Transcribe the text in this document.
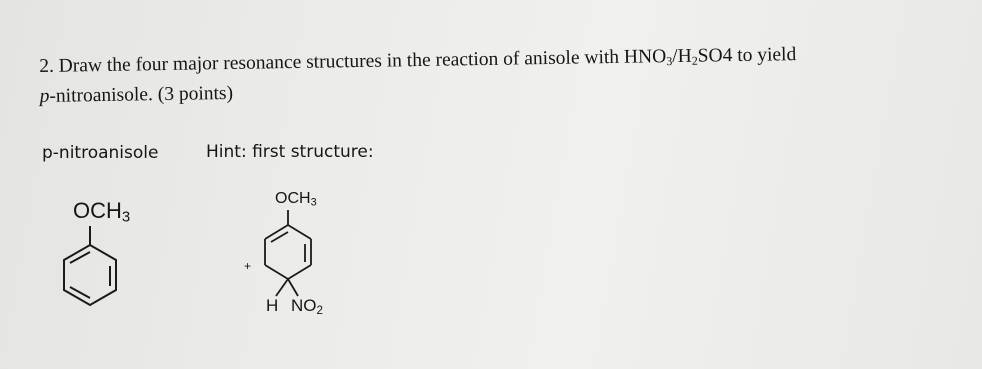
2. Draw the four major resonance structures in the reaction of anisole with $HNO_3/H_2SO4$ to yield
p-nitroanisole. (3 points)
p-nitroanisole	Hint: first structure:
$OCH_3$
$OCH_3$
+
H $NO_2$
